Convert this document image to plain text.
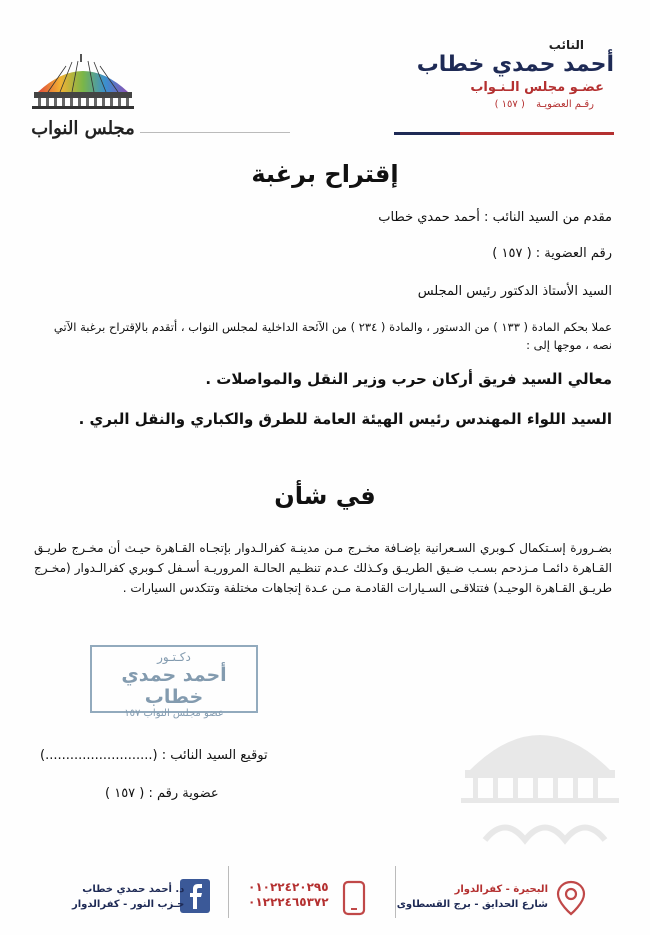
النائب
أحمد حمدي خطاب
عضـو مجلس الـنـواب
رقـم العضويـة ( ١٥٧ )
مجلس النواب
إقتراح برغبة
مقدم من السيد النائب : أحمد حمدي خطاب
رقم العضوية : ( ١٥٧ )
السيد الأستاذ الدكتور رئيس المجلس
عملا بحكم المادة ( ١٣٣ ) من الدستور ، والمادة ( ٢٣٤ ) من الآئحة الداخلية لمجلس النواب ، أتقدم بالإقتراح برغبة الآتي نصه ، موجها إلى :
معالي السيد فريق أركان حرب وزير النقل والمواصلات .
السيد اللواء المهندس رئيس الهيئة العامة للطرق والكباري والنقل البري .
في شأن
بضـرورة إسـتكمال كـوبري السـعرانية بإضـافة مخـرج مـن مدينـة كفرالـدوار بإتجـاه القـاهرة حيـث أن مخـرج طريـق القـاهرة دائمـا مـزدحم بسـب ضـيق الطريـق وكـذلك عـدم تنظـيم الحالـة المروريـة أسـفل كـوبري كفرالـدوار (مخـرج طريـق القـاهرة الوحيـد) فتتلاقـى السـيارات القادمـة مـن عـدة إتجاهات مختلفة وتتكدس السيارات .
دكـتـور
أحمد حمدي خطاب
عضو مجلس النواب ١٥٧
توقيع السيد النائب : (..........................)
عضوية رقم : ( ١٥٧ )
البحيرة - كفرالدوار
شارع الحدايق - برج القسطاوى
٠١٠٢٢٤٢٠٢٩٥
٠١٢٢٢٤٦٥٣٧٢
د. أحمد حمدي خطاب
حـزب النور - كفرالدوار
